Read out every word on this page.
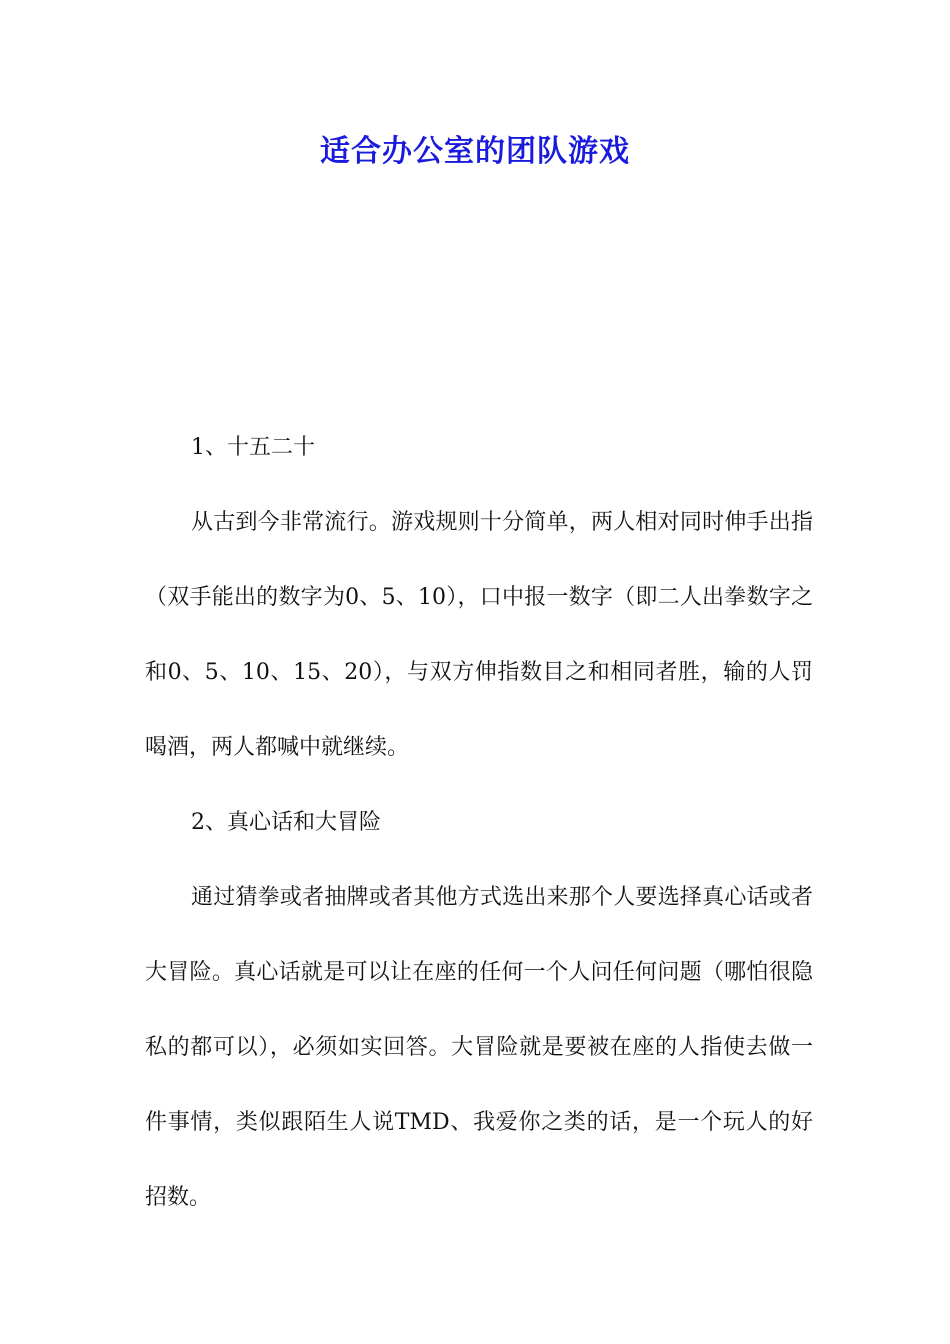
适合办公室的团队游戏

1、十五二十

从古到今非常流行。游戏规则十分简单，两人相对同时伸手出指（双手能出的数字为0、5、10），口中报一数字（即二人出拳数字之和0、5、10、15、20），与双方伸指数目之和相同者胜，输的人罚喝酒，两人都喊中就继续。

2、真心话和大冒险

通过猜拳或者抽牌或者其他方式选出来那个人要选择真心话或者大冒险。真心话就是可以让在座的任何一个人问任何问题（哪怕很隐私的都可以），必须如实回答。大冒险就是要被在座的人指使去做一件事情，类似跟陌生人说TMD、我爱你之类的话，是一个玩人的好招数。
